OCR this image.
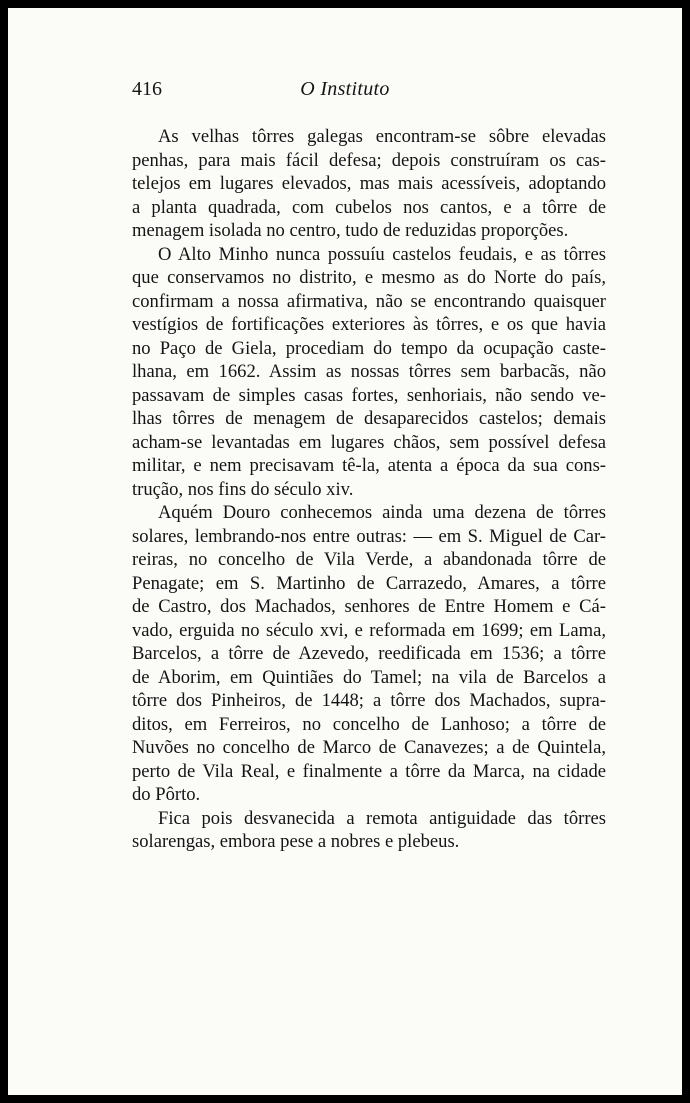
416	O Instituto
As velhas tôrres galegas encontram-se sôbre elevadas
penhas, para mais fácil defesa; depois construíram os cas-
telejos em lugares elevados, mas mais acessíveis, adoptando
a planta quadrada, com cubelos nos cantos, e a tôrre de
menagem isolada no centro, tudo de reduzidas proporções.
O Alto Minho nunca possuíu castelos feudais, e as tôrres
que conservamos no distrito, e mesmo as do Norte do país,
confirmam a nossa afirmativa, não se encontrando quaisquer
vestígios de fortificações exteriores às tôrres, e os que havia
no Paço de Giela, procediam do tempo da ocupação caste-
lhana, em 1662. Assim as nossas tôrres sem barbacãs, não
passavam de simples casas fortes, senhoriais, não sendo ve-
lhas tôrres de menagem de desaparecidos castelos; demais
acham-se levantadas em lugares chãos, sem possível defesa
militar, e nem precisavam tê-la, atenta a época da sua cons-
trução, nos fins do século xiv.
Aquém Douro conhecemos ainda uma dezena de tôrres
solares, lembrando-nos entre outras: — em S. Miguel de Car-
reiras, no concelho de Vila Verde, a abandonada tôrre de
Penagate; em S. Martinho de Carrazedo, Amares, a tôrre
de Castro, dos Machados, senhores de Entre Homem e Cá-
vado, erguida no século xvi, e reformada em 1699; em Lama,
Barcelos, a tôrre de Azevedo, reedificada em 1536; a tôrre
de Aborim, em Quintiães do Tamel; na vila de Barcelos a
tôrre dos Pinheiros, de 1448; a tôrre dos Machados, supra-
ditos, em Ferreiros, no concelho de Lanhoso; a tôrre de
Nuvões no concelho de Marco de Canavezes; a de Quintela,
perto de Vila Real, e finalmente a tôrre da Marca, na cidade
do Pôrto.
Fica pois desvanecida a remota antiguidade das tôrres
solarengas, embora pese a nobres e plebeus.
